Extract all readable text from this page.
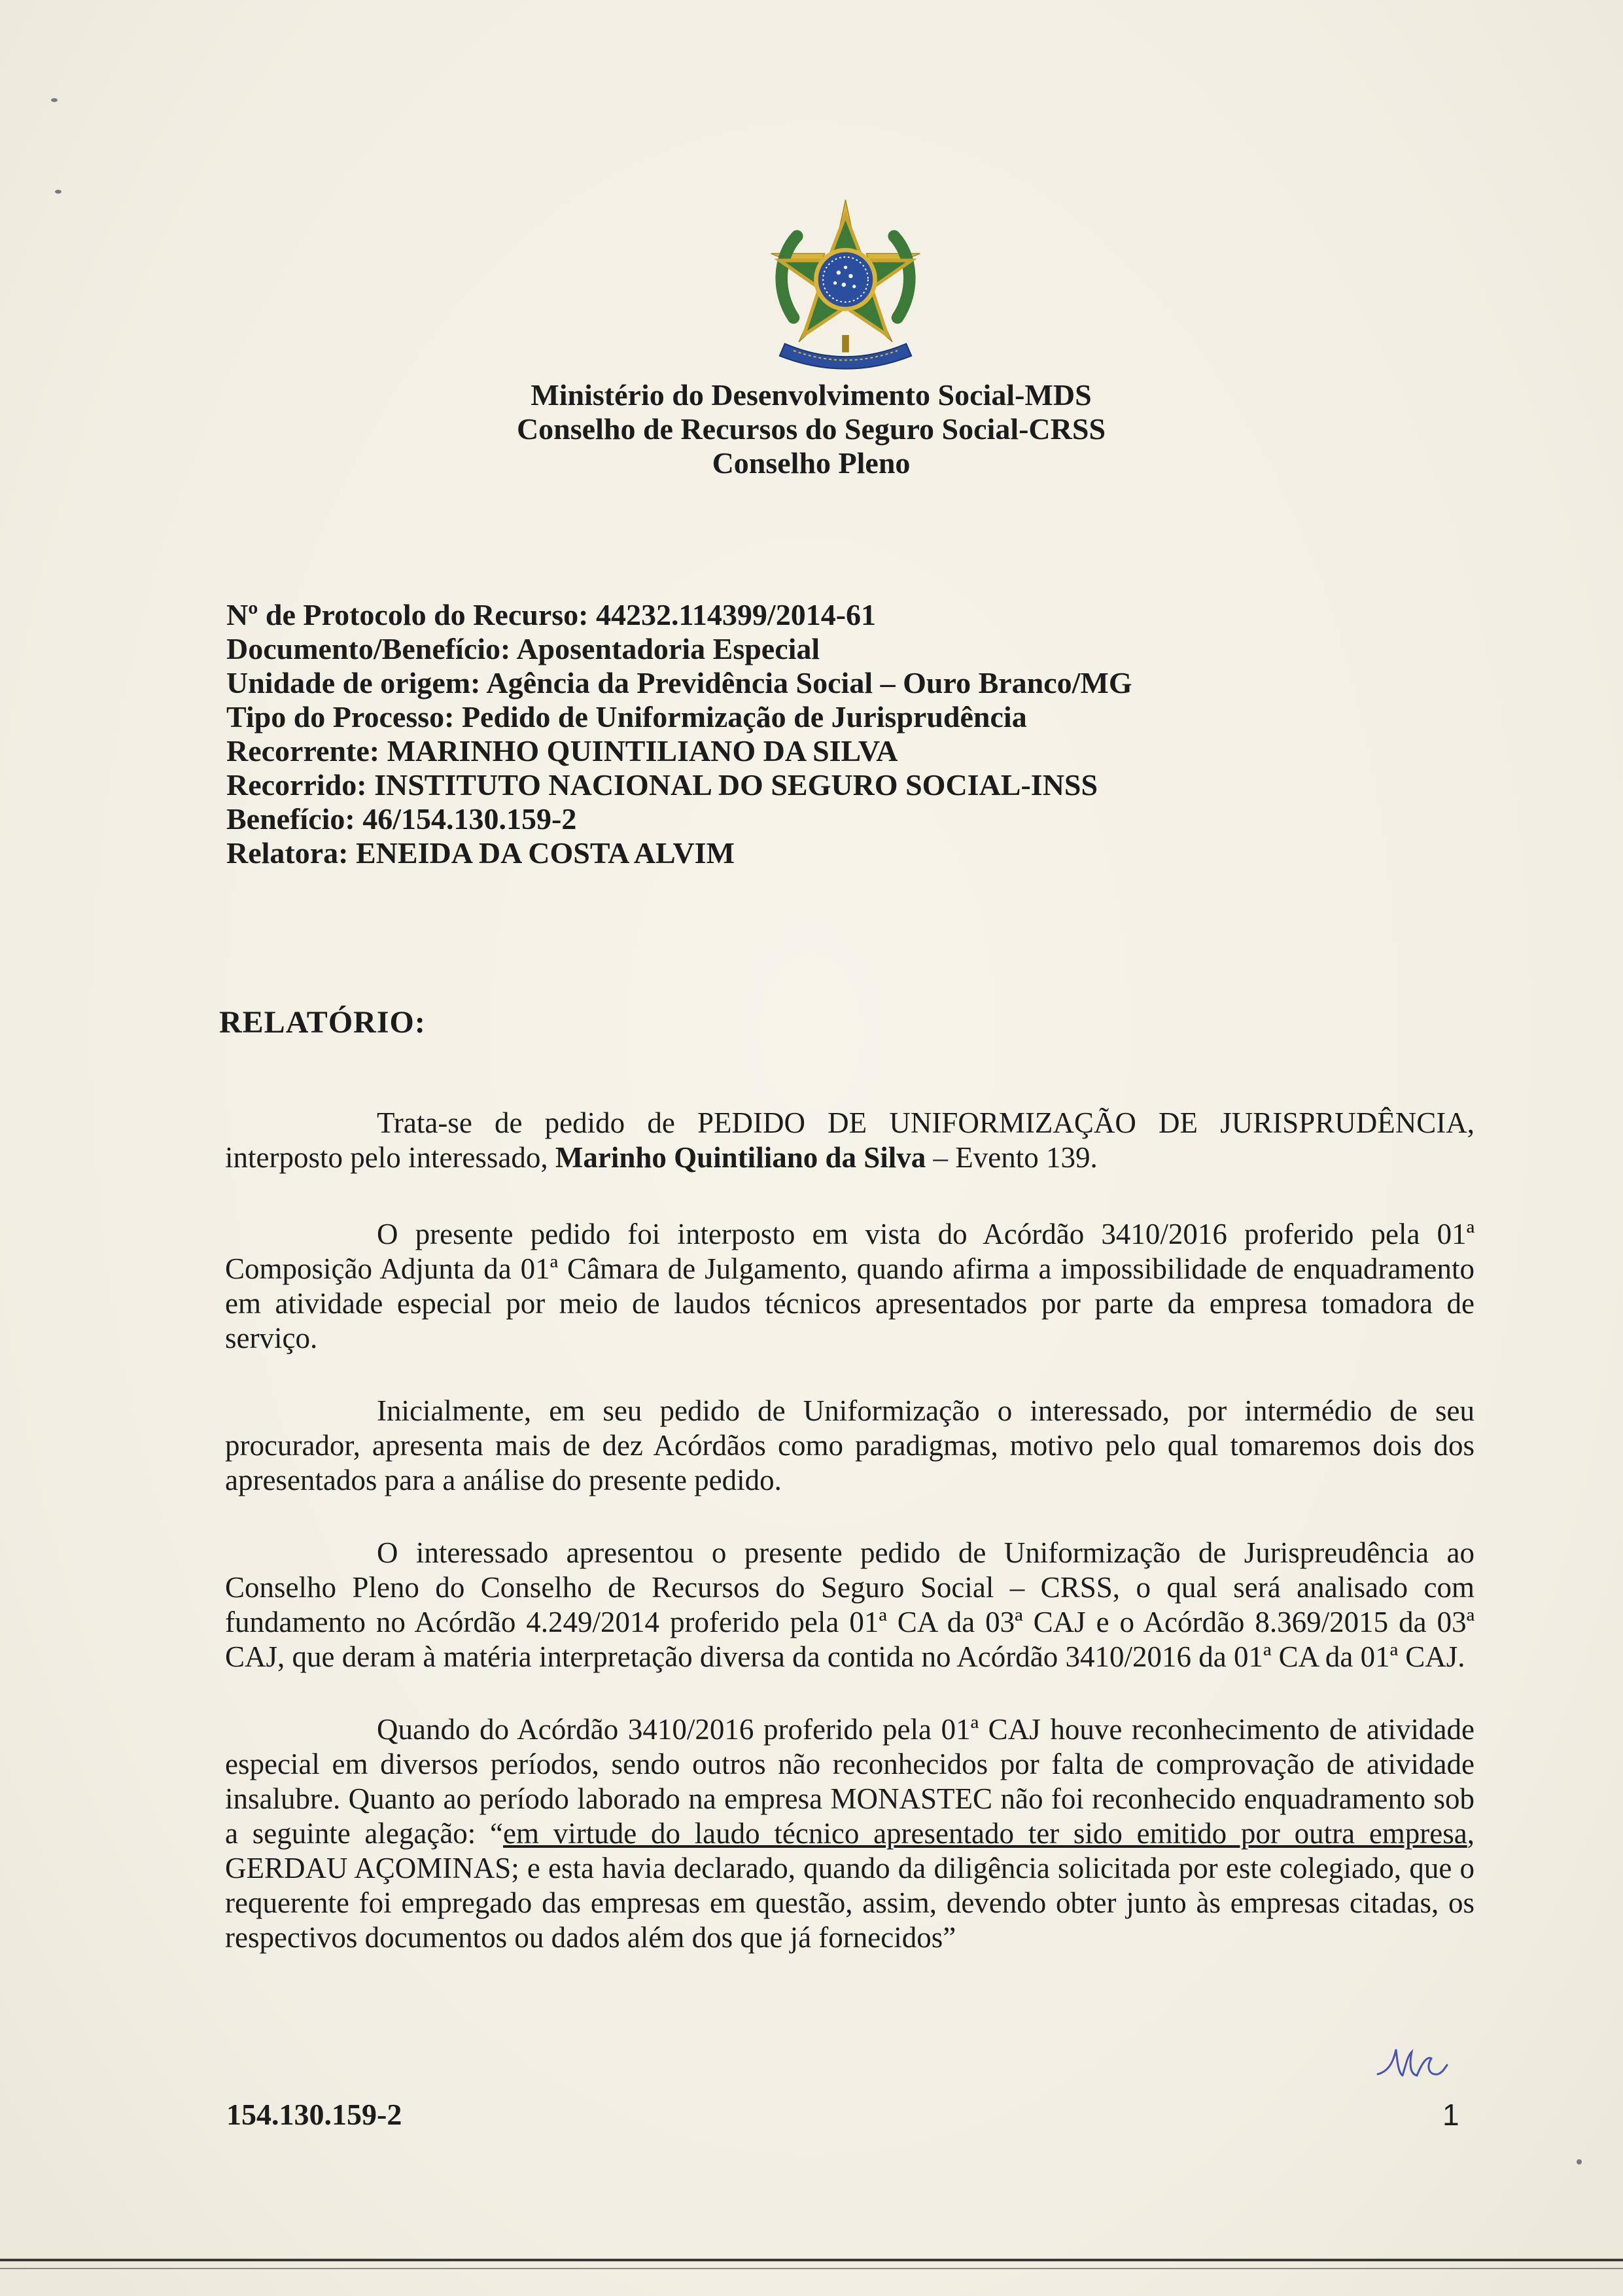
Ministério do Desenvolvimento Social-MDS
Conselho de Recursos do Seguro Social-CRSS
Conselho Pleno
Nº de Protocolo do Recurso: 44232.114399/2014-61
Documento/Benefício: Aposentadoria Especial
Unidade de origem: Agência da Previdência Social – Ouro Branco/MG
Tipo do Processo: Pedido de Uniformização de Jurisprudência
Recorrente: MARINHO QUINTILIANO DA SILVA
Recorrido: INSTITUTO NACIONAL DO SEGURO SOCIAL-INSS
Benefício: 46/154.130.159-2
Relatora: ENEIDA DA COSTA ALVIM
RELATÓRIO:

Trata-se de pedido de PEDIDO DE UNIFORMIZAÇÃO DE JURISPRUDÊNCIA, interposto pelo interessado, Marinho Quintiliano da Silva – Evento 139.

O presente pedido foi interposto em vista do Acórdão 3410/2016 proferido pela 01ª Composição Adjunta da 01ª Câmara de Julgamento, quando afirma a impossibilidade de enquadramento em atividade especial por meio de laudos técnicos apresentados por parte da empresa tomadora de serviço.

Inicialmente, em seu pedido de Uniformização o interessado, por intermédio de seu procurador, apresenta mais de dez Acórdãos como paradigmas, motivo pelo qual tomaremos dois dos apresentados para a análise do presente pedido.

O interessado apresentou o presente pedido de Uniformização de Jurispreudência ao Conselho Pleno do Conselho de Recursos do Seguro Social – CRSS, o qual será analisado com fundamento no Acórdão 4.249/2014 proferido pela 01ª CA da 03ª CAJ e o Acórdão 8.369/2015 da 03ª CAJ, que deram à matéria interpretação diversa da contida no Acórdão 3410/2016 da 01ª CA da 01ª CAJ.

Quando do Acórdão 3410/2016 proferido pela 01ª CAJ houve reconhecimento de atividade especial em diversos períodos, sendo outros não reconhecidos por falta de comprovação de atividade insalubre. Quanto ao período laborado na empresa MONASTEC não foi reconhecido enquadramento sob a seguinte alegação: “em virtude do laudo técnico apresentado ter sido emitido por outra empresa, GERDAU AÇOMINAS; e esta havia declarado, quando da diligência solicitada por este colegiado, que o requerente foi empregado das empresas em questão, assim, devendo obter junto às empresas citadas, os respectivos documentos ou dados além dos que já fornecidos”

154.130.159-2	1
